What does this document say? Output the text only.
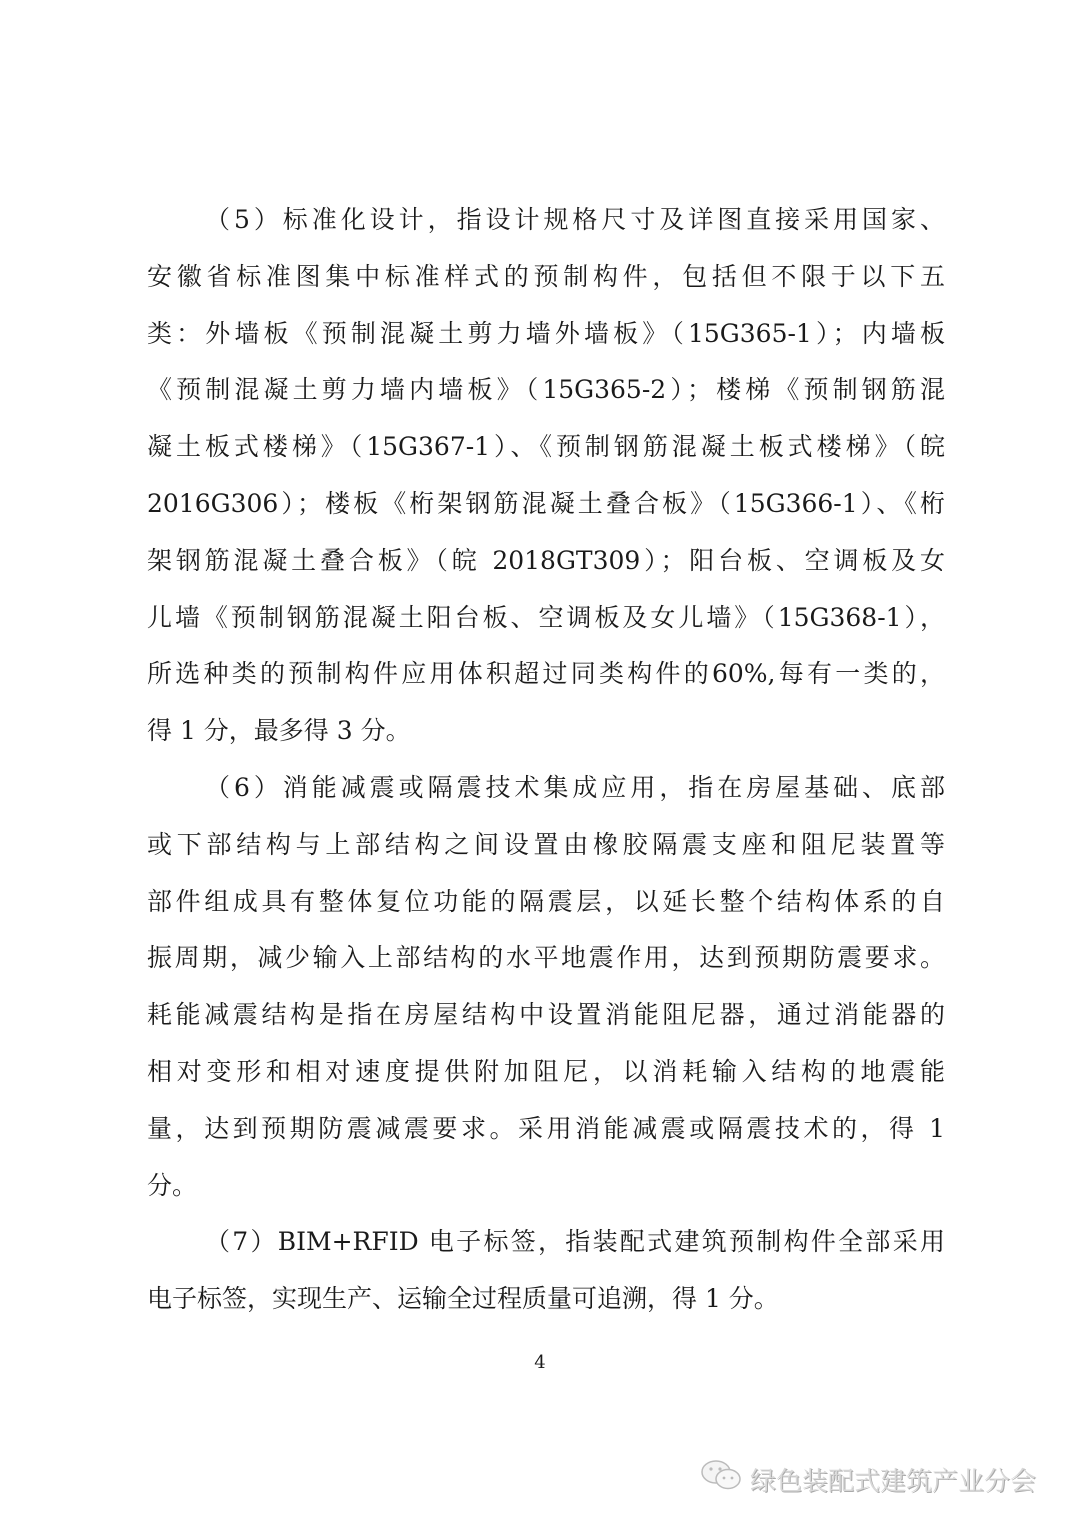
（5）标准化设计，指设计规格尺寸及详图直接采用国家、
安徽省标准图集中标准样式的预制构件，包括但不限于以下五
类：外墙板《预制混凝土剪力墙外墙板》（15G365-1）；内墙板
《预制混凝土剪力墙内墙板》（15G365-2）；楼梯《预制钢筋混
凝土板式楼梯》（15G367-1）、《预制钢筋混凝土板式楼梯》（皖
2016G306）；楼板《桁架钢筋混凝土叠合板》（15G366-1）、《桁
架钢筋混凝土叠合板》（皖 2018GT309）；阳台板、空调板及女
儿墙《预制钢筋混凝土阳台板、空调板及女儿墙》（15G368-1），
所选种类的预制构件应用体积超过同类构件的60%,每有一类的，
得 1 分，最多得 3 分。
（6）消能减震或隔震技术集成应用，指在房屋基础、底部
或下部结构与上部结构之间设置由橡胶隔震支座和阻尼装置等
部件组成具有整体复位功能的隔震层，以延长整个结构体系的自
振周期，减少输入上部结构的水平地震作用，达到预期防震要求。
耗能减震结构是指在房屋结构中设置消能阻尼器，通过消能器的
相对变形和相对速度提供附加阻尼，以消耗输入结构的地震能
量，达到预期防震减震要求。采用消能减震或隔震技术的，得 1
分。
（7）BIM+RFID 电子标签，指装配式建筑预制构件全部采用
电子标签，实现生产、运输全过程质量可追溯，得 1 分。
4
绿色装配式建筑产业分会
